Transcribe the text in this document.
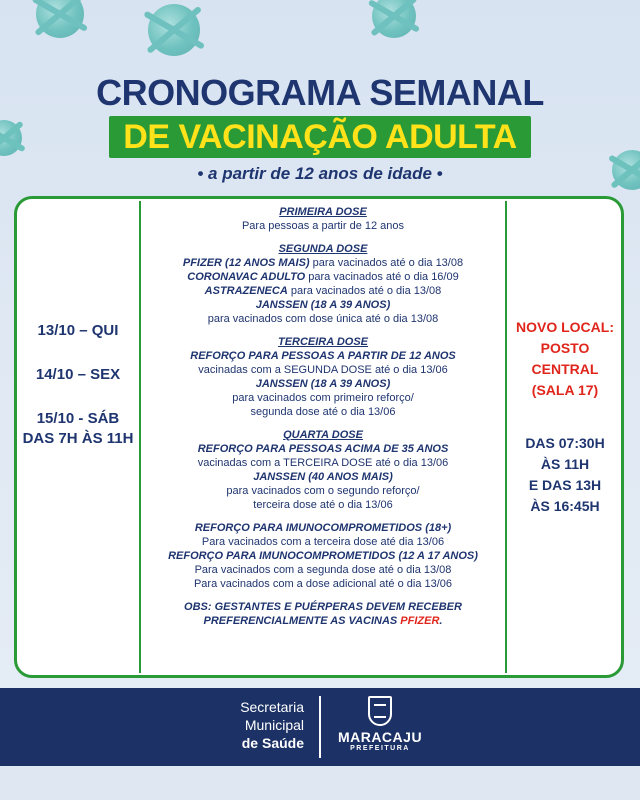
CRONOGRAMA SEMANAL
DE VACINAÇÃO ADULTA
• a partir de 12 anos de idade •
13/10 – QUI
14/10 – SEX
15/10 - SÁB
DAS 7H ÀS 11H
PRIMEIRA DOSE
Para pessoas a partir de 12 anos
SEGUNDA DOSE
PFIZER (12 ANOS MAIS) para vacinados até o dia 13/08
CORONAVAC ADULTO para vacinados até o dia 16/09
ASTRAZENECA para vacinados até o dia 13/08
JANSSEN (18 A 39 ANOS)
para vacinados com dose única até o dia 13/08
TERCEIRA DOSE
REFORÇO PARA PESSOAS A PARTIR DE 12 ANOS
vacinadas com a SEGUNDA DOSE até o dia 13/06
JANSSEN (18 A 39 ANOS)
para vacinados com primeiro reforço/
segunda dose até o dia 13/06
QUARTA DOSE
REFORÇO PARA PESSOAS ACIMA DE 35 ANOS
vacinadas com a TERCEIRA DOSE até o dia 13/06
JANSSEN (40 ANOS MAIS)
para vacinados com o segundo reforço/
terceira dose até o dia 13/06
REFORÇO PARA IMUNOCOMPROMETIDOS (18+)
Para vacinados com a terceira dose até dia 13/06
REFORÇO PARA IMUNOCOMPROMETIDOS (12 A 17 ANOS)
Para vacinados com a segunda dose até o dia 13/08
Para vacinados com a dose adicional até o dia 13/06
OBS: GESTANTES E PUÉRPERAS DEVEM RECEBER
PREFERENCIALMENTE AS VACINAS PFIZER.
NOVO LOCAL:
POSTO
CENTRAL
(SALA 17)
DAS 07:30H
ÀS 11H
E DAS 13H
ÀS 16:45H
Secretaria
Municipal
de Saúde	MARACAJU
PREFEITURA
